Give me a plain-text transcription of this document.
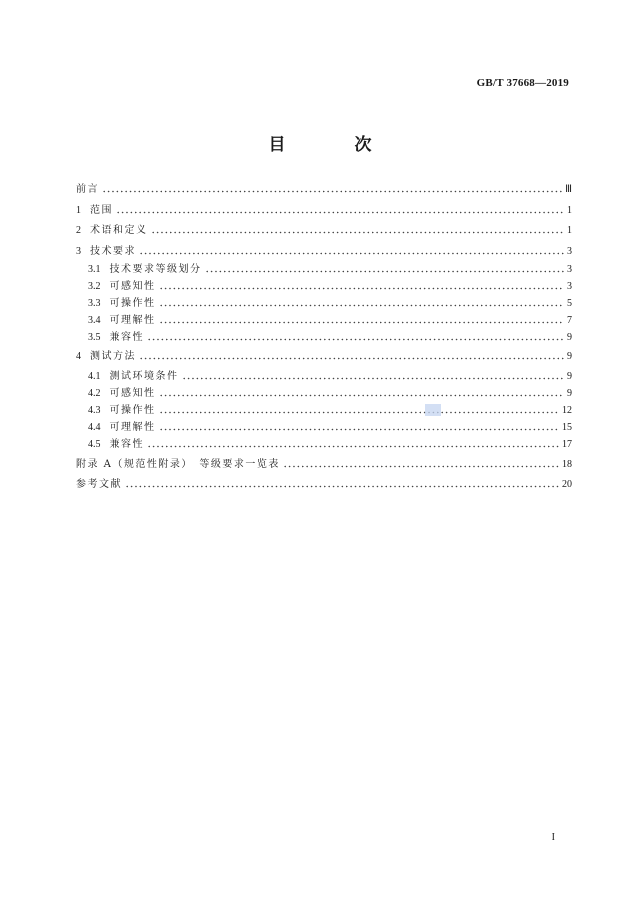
GB/T 37668—2019
目　次
前言	Ⅲ
1 范围	1
2 术语和定义	1
3 技术要求	3
3.1 技术要求等级划分	3
3.2 可感知性	3
3.3 可操作性	5
3.4 可理解性	7
3.5 兼容性	9
4 测试方法	9
4.1 测试环境条件	9
4.2 可感知性	9
4.3 可操作性	12
4.4 可理解性	15
4.5 兼容性	17
附录 A（规范性附录）　等级要求一览表	18
参考文献	20
I
